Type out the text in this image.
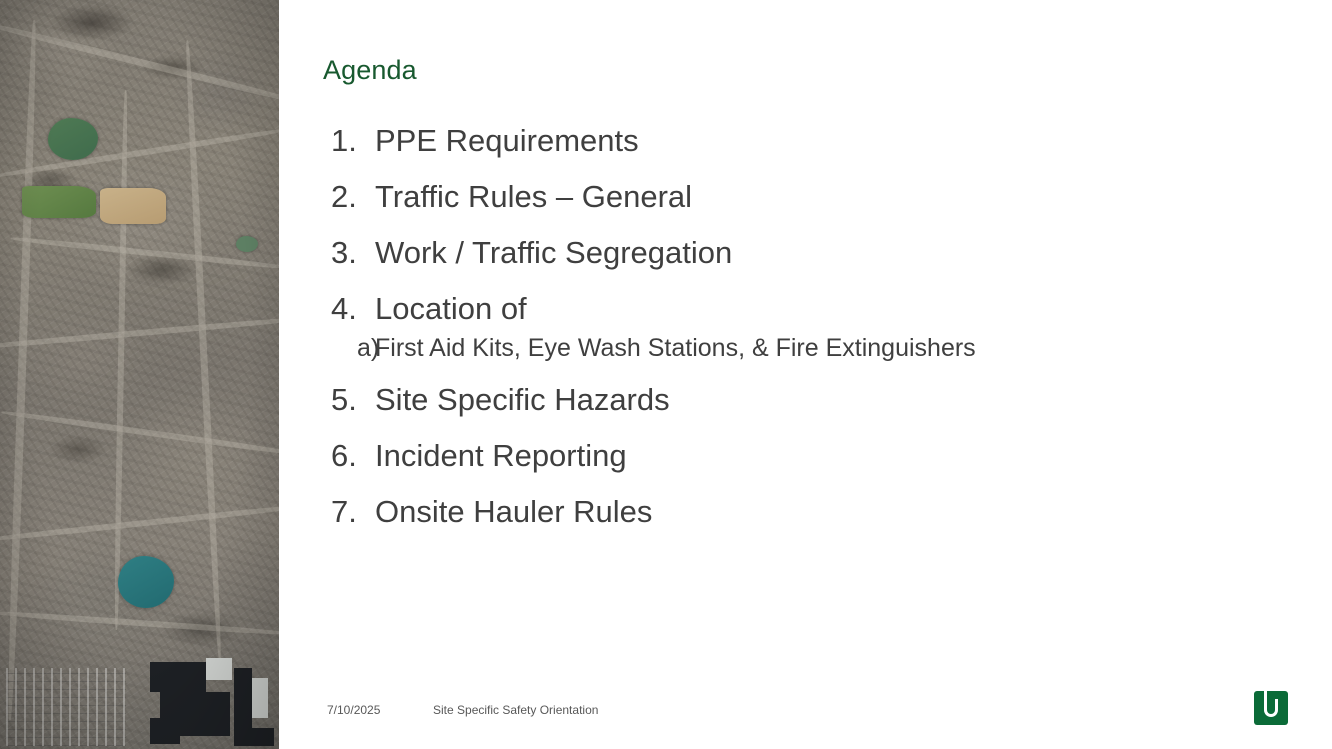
Agenda
1. PPE Requirements
2. Traffic Rules – General
3. Work / Traffic Segregation
4. Location of
a)
First Aid Kits, Eye Wash Stations, & Fire Extinguishers
5. Site Specific Hazards
6. Incident Reporting
7. Onsite Hauler Rules
7/10/2025	Site Specific Safety Orientation
